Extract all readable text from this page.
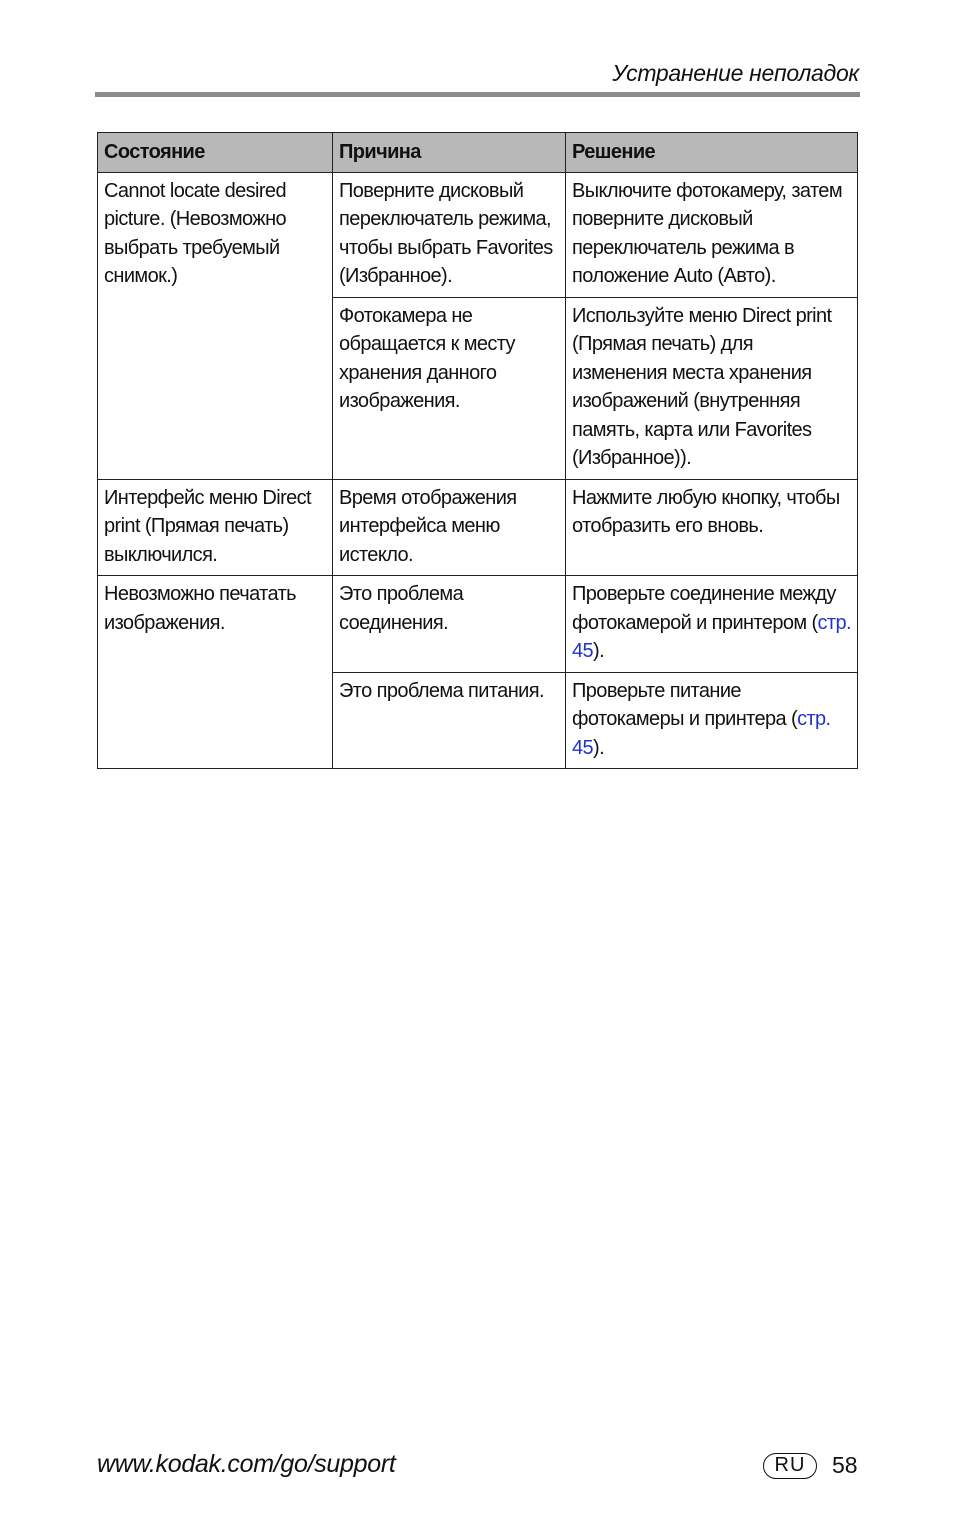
Устранение неполадок
Состояние	Причина	Решение
Cannot locate desired picture. (Невозможно выбрать требуемый снимок.)	Поверните дисковый переключатель режима, чтобы выбрать Favorites (Избранное).	Выключите фотокамеру, затем поверните дисковый переключатель режима в положение Auto (Авто).
	Фотокамера не обращается к месту хранения данного изображения.	Используйте меню Direct print (Прямая печать) для изменения места хранения изображений (внутренняя память, карта или Favorites (Избранное)).
Интерфейс меню Direct print (Прямая печать) выключился.	Время отображения интерфейса меню истекло.	Нажмите любую кнопку, чтобы отобразить его вновь.
Невозможно печатать изображения.	Это проблема соединения.	Проверьте соединение между фотокамерой и принтером (стр. 45).
	Это проблема питания.	Проверьте питание фотокамеры и принтера (стр. 45).
www.kodak.com/go/support	RU	58
